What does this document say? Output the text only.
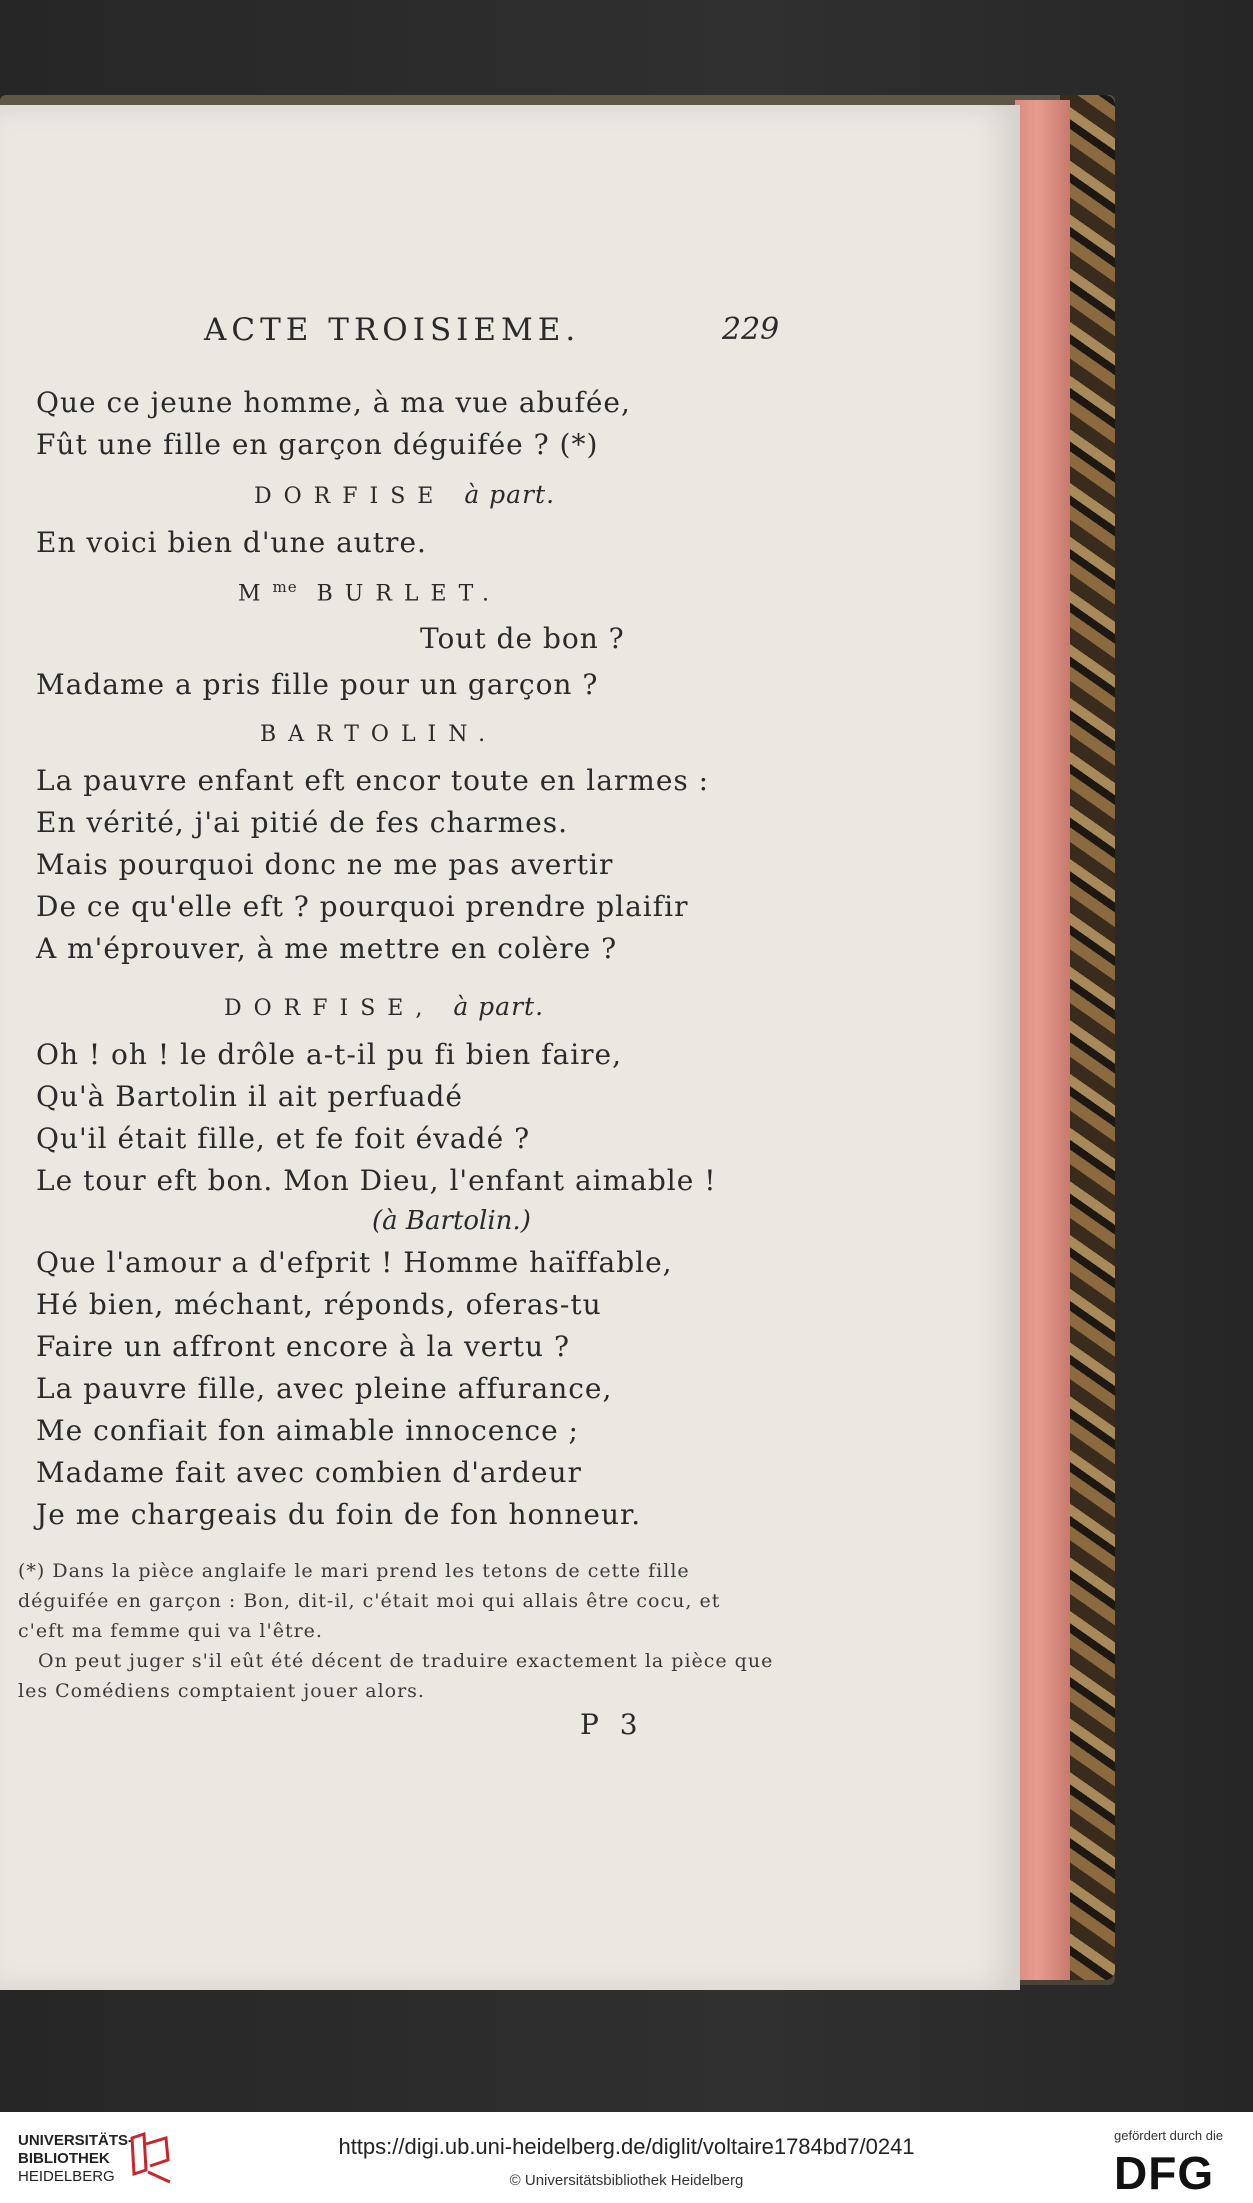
ACTE TROISIEME.	229
Que ce jeune homme, à ma vue abufée,
Fût une fille en garçon déguifée ? (*)
DORFISE à part.
En voici bien d'une autre.
$M^{me}$ BURLET.
Tout de bon ?
Madame a pris fille pour un garçon ?
BARTOLIN.
La pauvre enfant eft encor toute en larmes :
En vérité, j'ai pitié de fes charmes.
Mais pourquoi donc ne me pas avertir
De ce qu'elle eft ? pourquoi prendre plaifir
A m'éprouver, à me mettre en colère ?
DORFISE, à part.
Oh ! oh ! le drôle a-t-il pu fi bien faire,
Qu'à Bartolin il ait perfuadé
Qu'il était fille, et fe foit évadé ?
Le tour eft bon. Mon Dieu, l'enfant aimable !
(à Bartolin.)
Que l'amour a d'efprit ! Homme haïffable,
Hé bien, méchant, réponds, oferas-tu
Faire un affront encore à la vertu ?
La pauvre fille, avec pleine affurance,
Me confiait fon aimable innocence ;
Madame fait avec combien d'ardeur
Je me chargeais du foin de fon honneur.
(*) Dans la pièce anglaife le mari prend les tetons de cette fille
déguifée en garçon : Bon, dit-il, c'était moi qui allais être cocu, et
c'eft ma femme qui va l'être.
On peut juger s'il eût été décent de traduire exactement la pièce que
les Comédiens comptaient jouer alors.
P 3
UNIVERSITÄTS-
BIBLIOTHEK
HEIDELBERG
https://digi.ub.uni-heidelberg.de/diglit/voltaire1784bd7/0241
© Universitätsbibliothek Heidelberg
gefördert durch die
DFG
